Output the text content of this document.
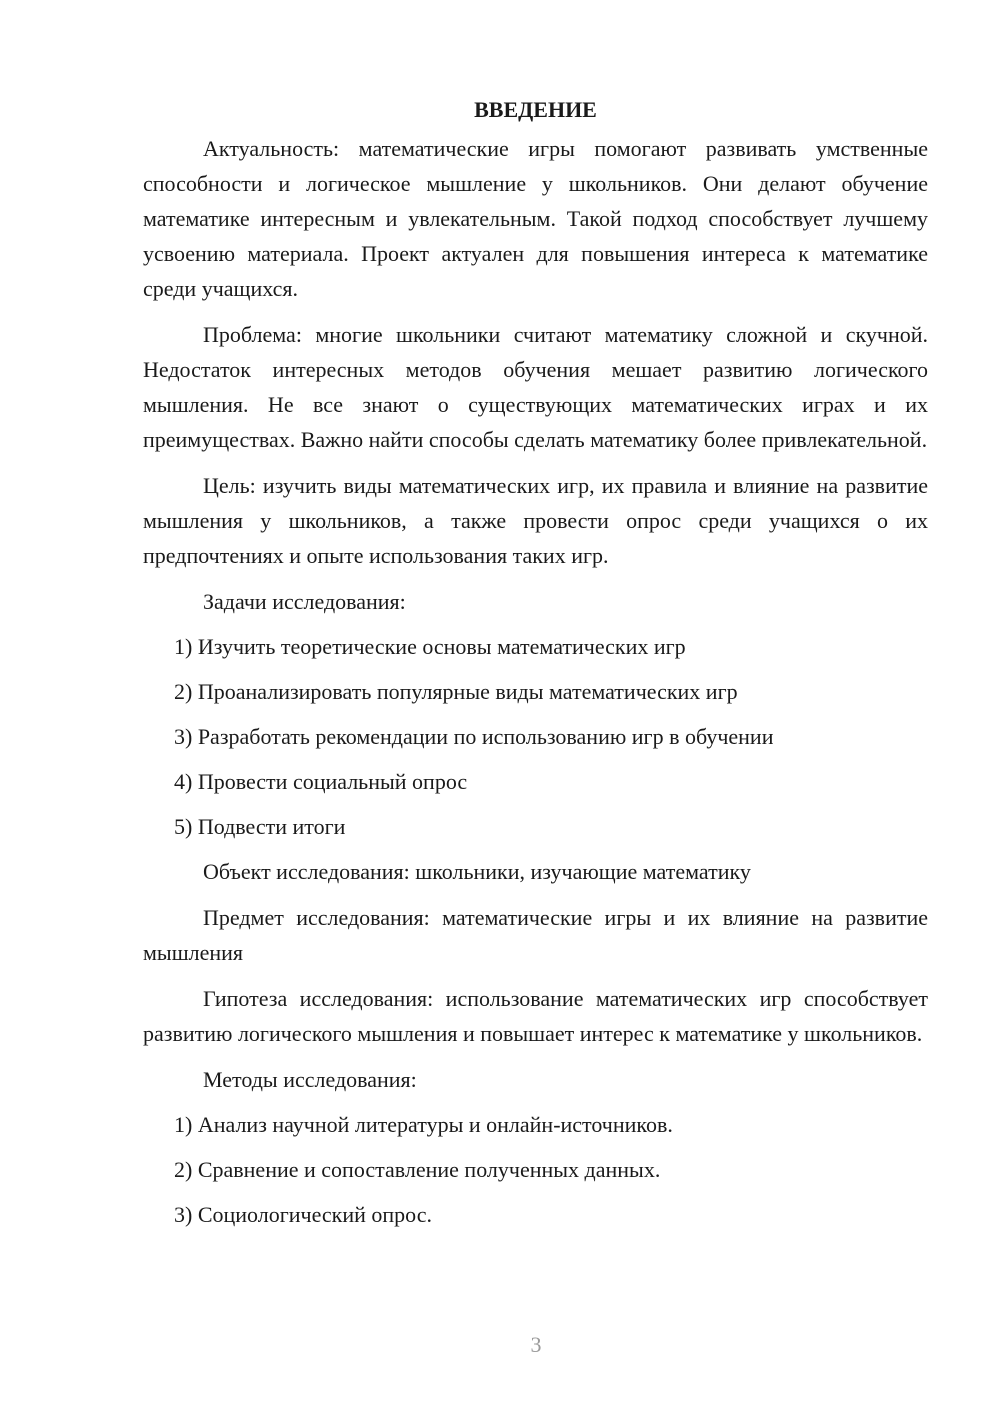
ВВЕДЕНИЕ

Актуальность: математические игры помогают развивать умственные способности и логическое мышление у школьников. Они делают обучение математике интересным и увлекательным. Такой подход способствует лучшему усвоению материала. Проект актуален для повышения интереса к математике среди учащихся.

Проблема: многие школьники считают математику сложной и скучной. Недостаток интересных методов обучения мешает развитию логического мышления. Не все знают о существующих математических играх и их преимуществах. Важно найти способы сделать математику более привлекательной.

Цель: изучить виды математических игр, их правила и влияние на развитие мышления у школьников, а также провести опрос среди учащихся о их предпочтениях и опыте использования таких игр.

Задачи исследования:

1) Изучить теоретические основы математических игр

2) Проанализировать популярные виды математических игр

3) Разработать рекомендации по использованию игр в обучении

4) Провести социальный опрос

5) Подвести итоги

Объект исследования: школьники, изучающие математику

Предмет исследования: математические игры и их влияние на развитие мышления

Гипотеза исследования: использование математических игр способствует развитию логического мышления и повышает интерес к математике у школьников.

Методы исследования:

1) Анализ научной литературы и онлайн-источников.

2) Сравнение и сопоставление полученных данных.

3) Социологический опрос.

3
